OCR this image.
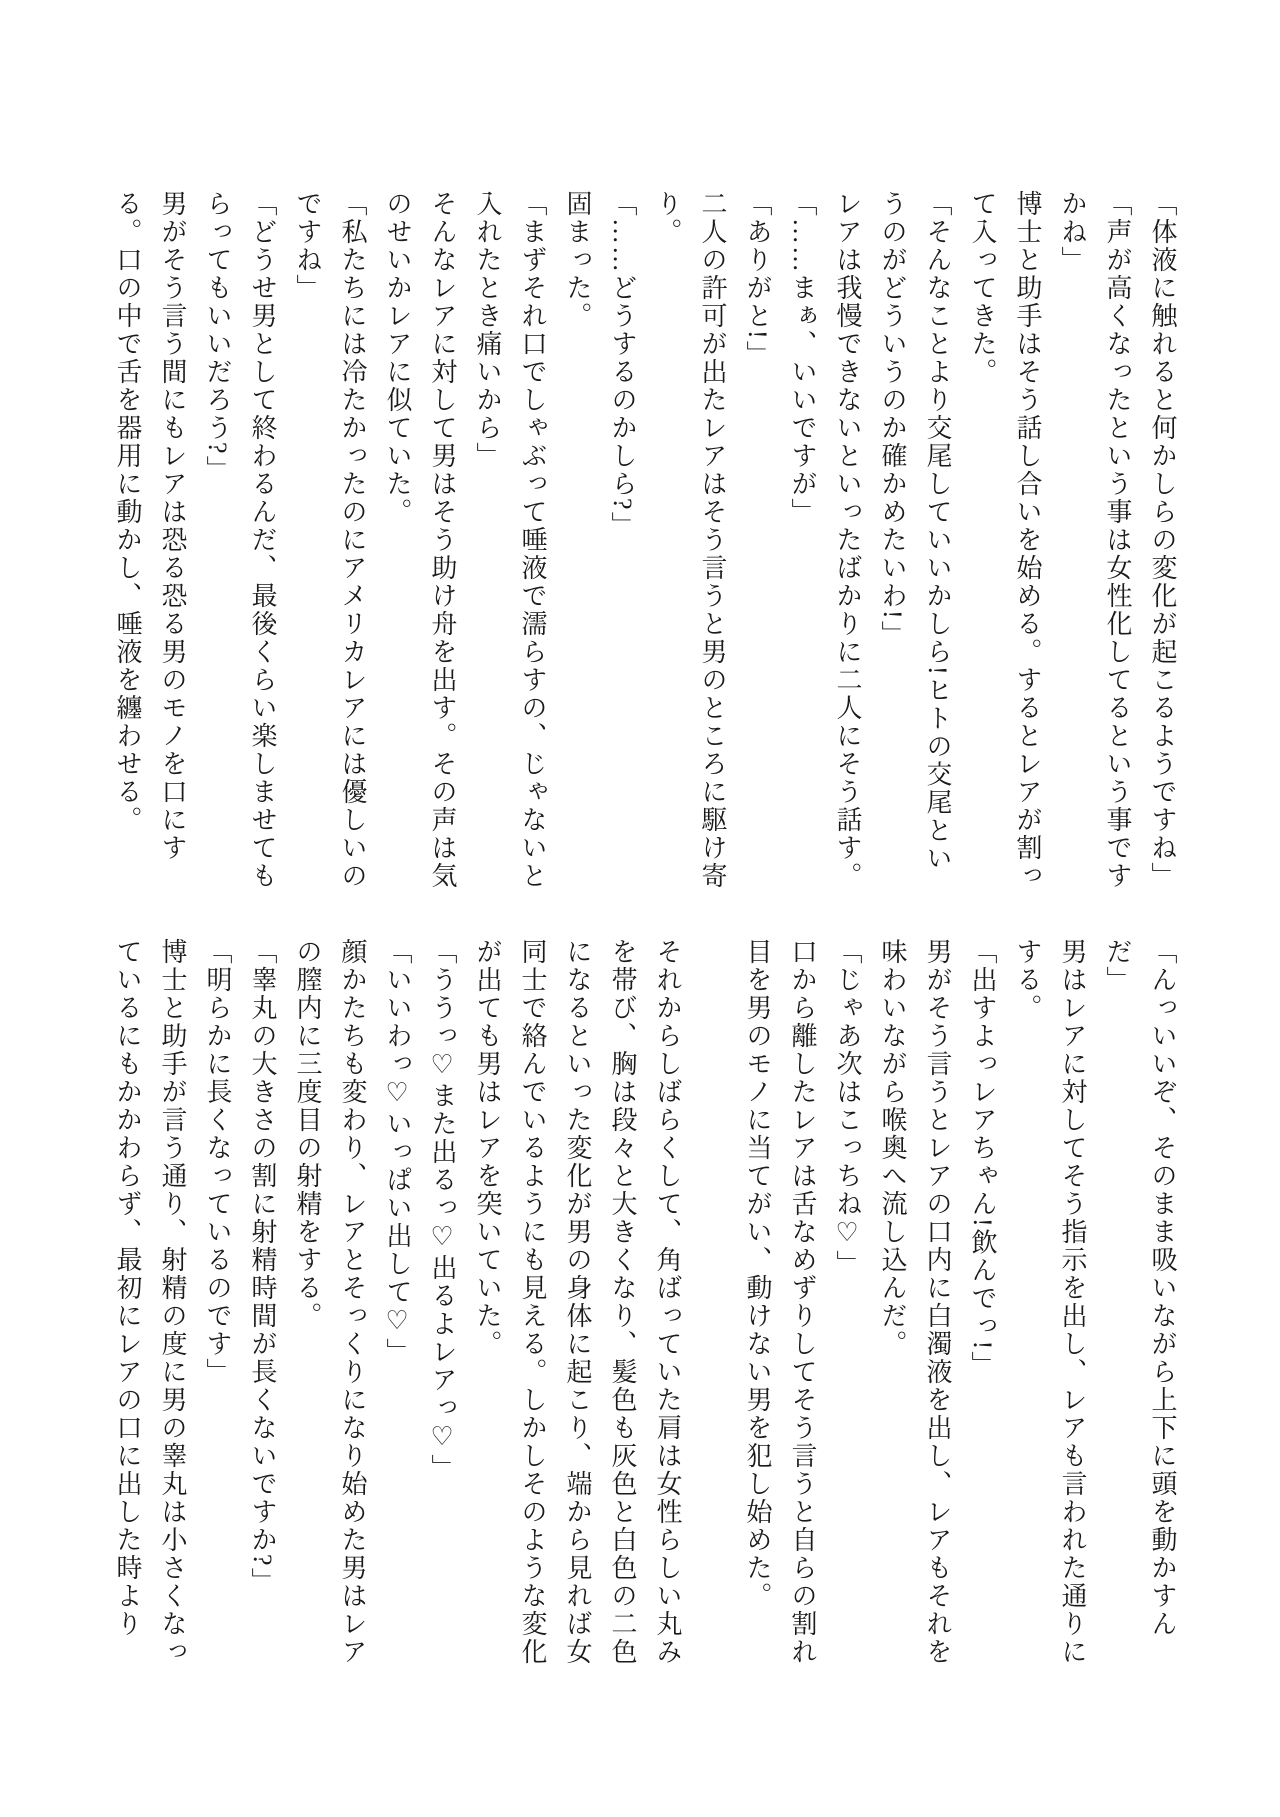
「体液に触れると何かしらの変化が起こるようですね」

「声が高くなったという事は女性化してるという事ですかね」

博士と助手はそう話し合いを始める。するとレアが割って入ってきた。

「そんなことより交尾していいかしら!ヒトの交尾というのがどういうのか確かめたいわ!」

レアは我慢できないといったばかりに二人にそう話す。

「……まぁ、いいですが」

「ありがと!」

二人の許可が出たレアはそう言うと男のところに駆け寄り。

「……どうするのかしら?」

固まった。

「まずそれ口でしゃぶって唾液で濡らすの、じゃないと入れたとき痛いから」

そんなレアに対して男はそう助け舟を出す。その声は気のせいかレアに似ていた。

「私たちには冷たかったのにアメリカレアには優しいのですね」

「どうせ男として終わるんだ、最後くらい楽しませてもらってもいいだろう?」

男がそう言う間にもレアは恐る恐る男のモノを口にする。口の中で舌を器用に動かし、唾液を纏わせる。

「んっいいぞ、そのまま吸いながら上下に頭を動かすんだ」

男はレアに対してそう指示を出し、レアも言われた通りにする。

「出すよっレアちゃん!飲んでっ!」

男がそう言うとレアの口内に白濁液を出し、レアもそれを味わいながら喉奥へ流し込んだ。

「じゃあ次はこっちね♡」

口から離したレアは舌なめずりしてそう言うと自らの割れ目を男のモノに当てがい、動けない男を犯し始めた。

それからしばらくして、角ばっていた肩は女性らしい丸みを帯び、胸は段々と大きくなり、髪色も灰色と白色の二色になるといった変化が男の身体に起こり、端から見れば女同士で絡んでいるようにも見える。しかしそのような変化が出ても男はレアを突いていた。

「ううっ♡また出るっ♡出るよレアっ♡」

「いいわっ♡いっぱい出して♡」

顔かたちも変わり、レアとそっくりになり始めた男はレアの膣内に三度目の射精をする。

「睾丸の大きさの割に射精時間が長くないですか?」

「明らかに長くなっているのです」

博士と助手が言う通り、射精の度に男の睾丸は小さくなっているにもかかわらず、最初にレアの口に出した時より
